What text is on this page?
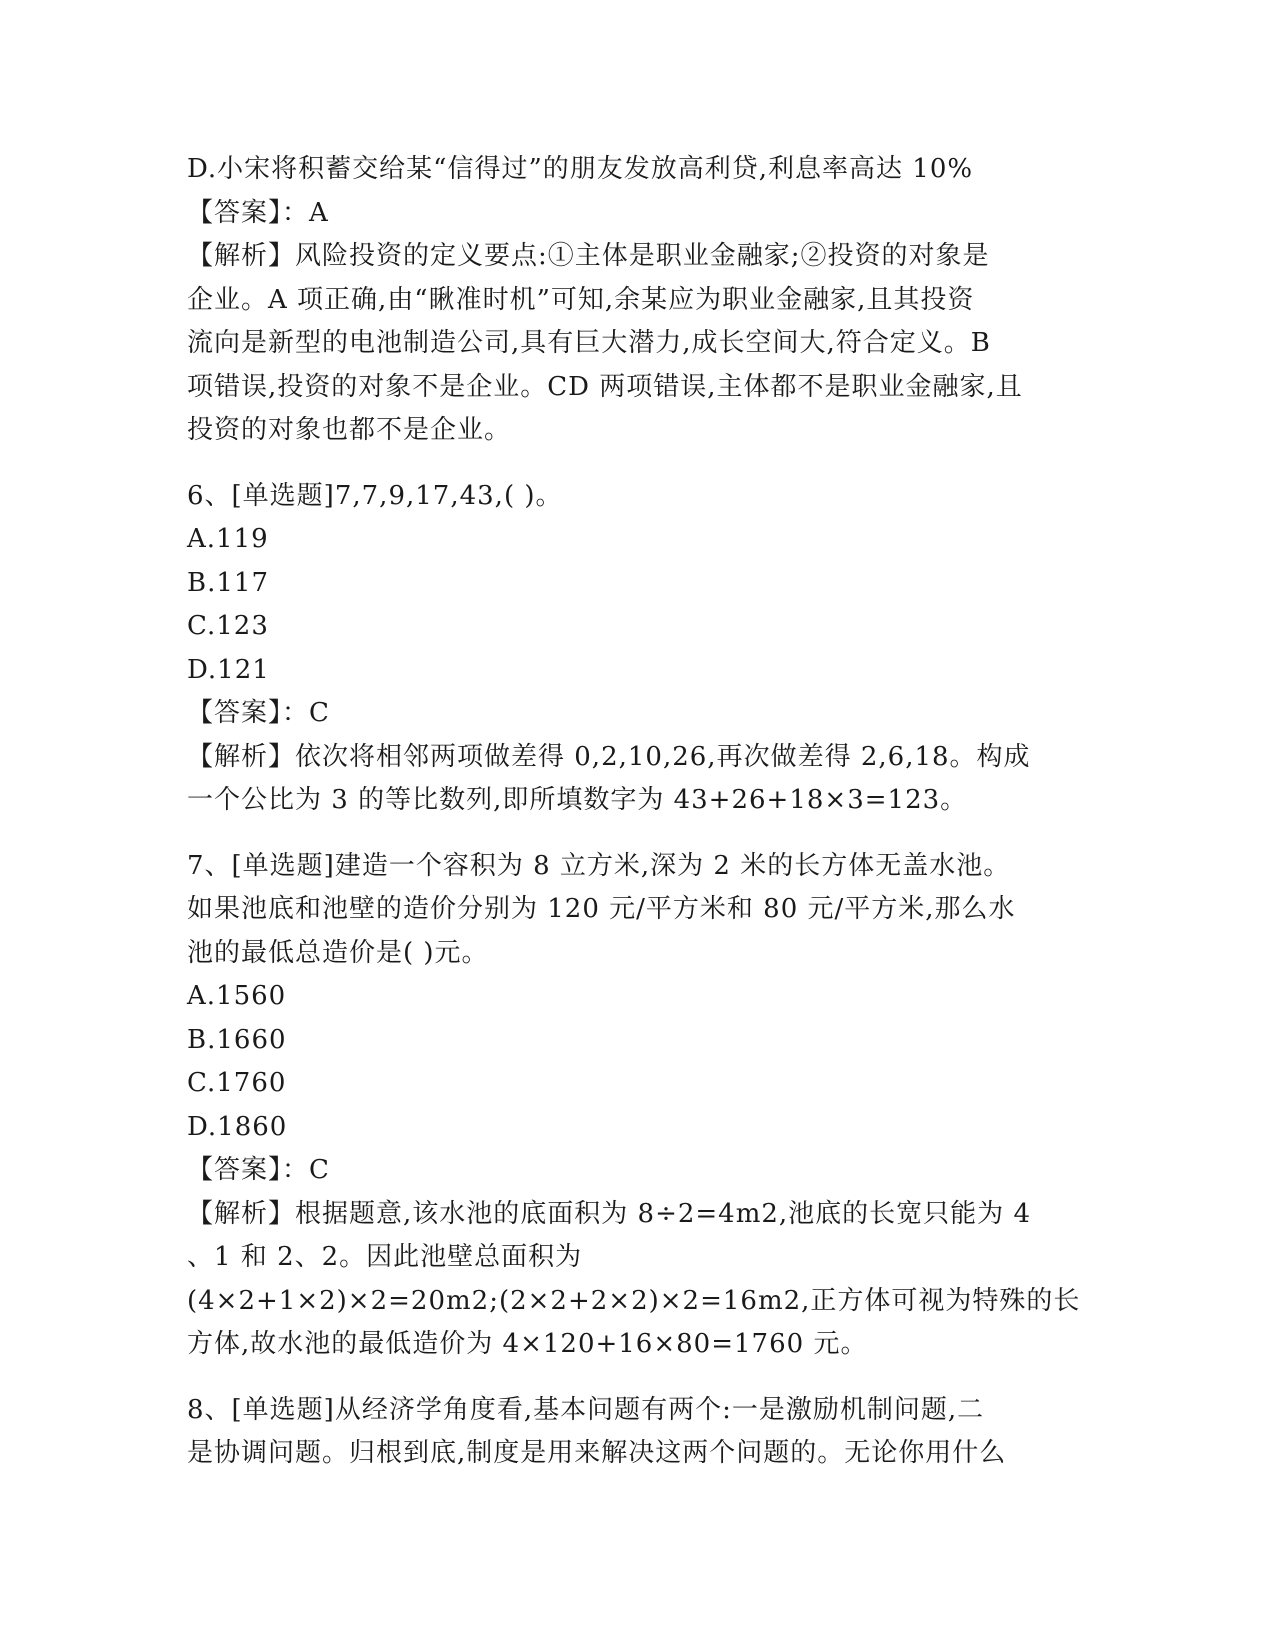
D.小宋将积蓄交给某“信得过”的朋友发放高利贷,利息率高达 10%
【答案】：A
【解析】风险投资的定义要点:①主体是职业金融家;②投资的对象是
企业。A 项正确,由“瞅准时机”可知,余某应为职业金融家,且其投资
流向是新型的电池制造公司,具有巨大潜力,成长空间大,符合定义。B
项错误,投资的对象不是企业。CD 两项错误,主体都不是职业金融家,且
投资的对象也都不是企业。
6、[单选题]7,7,9,17,43,( )。
A.119
B.117
C.123
D.121
【答案】：C
【解析】依次将相邻两项做差得 0,2,10,26,再次做差得 2,6,18。构成
一个公比为 3 的等比数列,即所填数字为 43+26+18×3=123。
7、[单选题]建造一个容积为 8 立方米,深为 2 米的长方体无盖水池。
如果池底和池壁的造价分别为 120 元/平方米和 80 元/平方米,那么水
池的最低总造价是( )元。
A.1560
B.1660
C.1760
D.1860
【答案】：C
【解析】根据题意,该水池的底面积为 8÷2=4m2,池底的长宽只能为 4
、1 和 2、2。因此池壁总面积为
(4×2+1×2)×2=20m2;(2×2+2×2)×2=16m2,正方体可视为特殊的长
方体,故水池的最低造价为 4×120+16×80=1760 元。
8、[单选题]从经济学角度看,基本问题有两个:一是激励机制问题,二
是协调问题。归根到底,制度是用来解决这两个问题的。无论你用什么
